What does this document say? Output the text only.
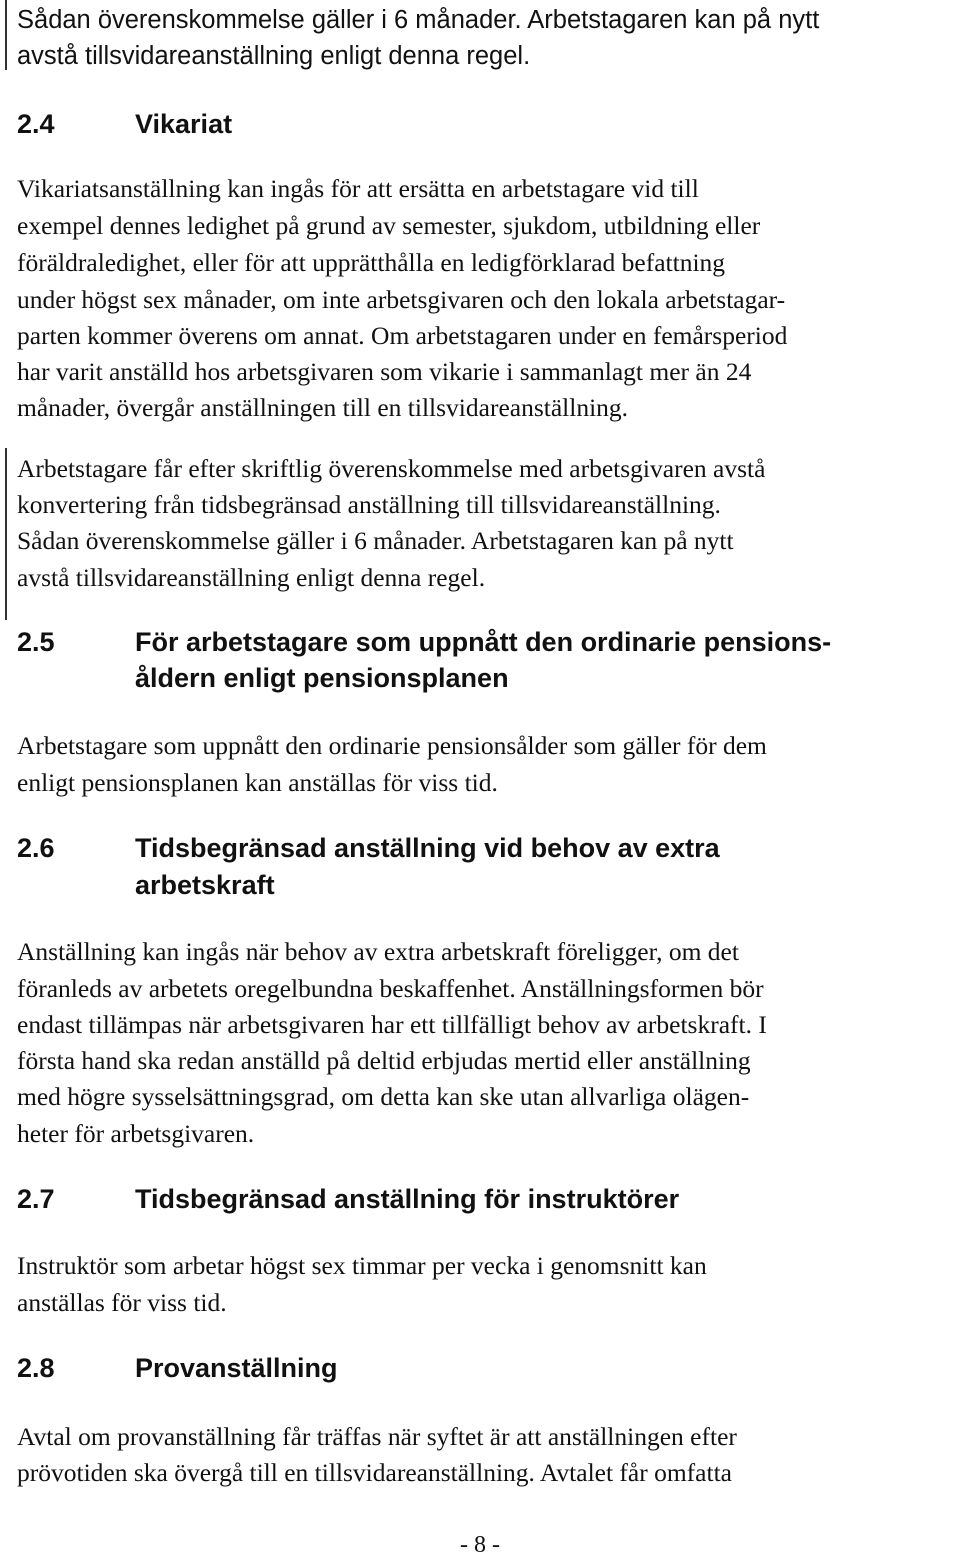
Sådan överenskommelse gäller i 6 månader. Arbetstagaren kan på nytt
avstå tillsvidareanställning enligt denna regel.
2.4	Vikariat
Vikariatsanställning kan ingås för att ersätta en arbetstagare vid till
exempel dennes ledighet på grund av semester, sjukdom, utbildning eller
föräldraledighet, eller för att upprätthålla en ledigförklarad befattning
under högst sex månader, om inte arbetsgivaren och den lokala arbetstagar-
parten kommer överens om annat. Om arbetstagaren under en femårsperiod
har varit anställd hos arbetsgivaren som vikarie i sammanlagt mer än 24
månader, övergår anställningen till en tillsvidareanställning.
Arbetstagare får efter skriftlig överenskommelse med arbetsgivaren avstå
konvertering från tidsbegränsad anställning till tillsvidareanställning.
Sådan överenskommelse gäller i 6 månader. Arbetstagaren kan på nytt
avstå tillsvidareanställning enligt denna regel.
2.5	För arbetstagare som uppnått den ordinarie pensions-
åldern enligt pensionsplanen
Arbetstagare som uppnått den ordinarie pensionsålder som gäller för dem
enligt pensionsplanen kan anställas för viss tid.
2.6	Tidsbegränsad anställning vid behov av extra
arbetskraft
Anställning kan ingås när behov av extra arbetskraft föreligger, om det
föranleds av arbetets oregelbundna beskaffenhet. Anställningsformen bör
endast tillämpas när arbetsgivaren har ett tillfälligt behov av arbetskraft. I
första hand ska redan anställd på deltid erbjudas mertid eller anställning
med högre sysselsättningsgrad, om detta kan ske utan allvarliga olägen-
heter för arbetsgivaren.
2.7	Tidsbegränsad anställning för instruktörer
Instruktör som arbetar högst sex timmar per vecka i genomsnitt kan
anställas för viss tid.
2.8	Provanställning
Avtal om provanställning får träffas när syftet är att anställningen efter
prövotiden ska övergå till en tillsvidareanställning. Avtalet får omfatta
- 8 -
